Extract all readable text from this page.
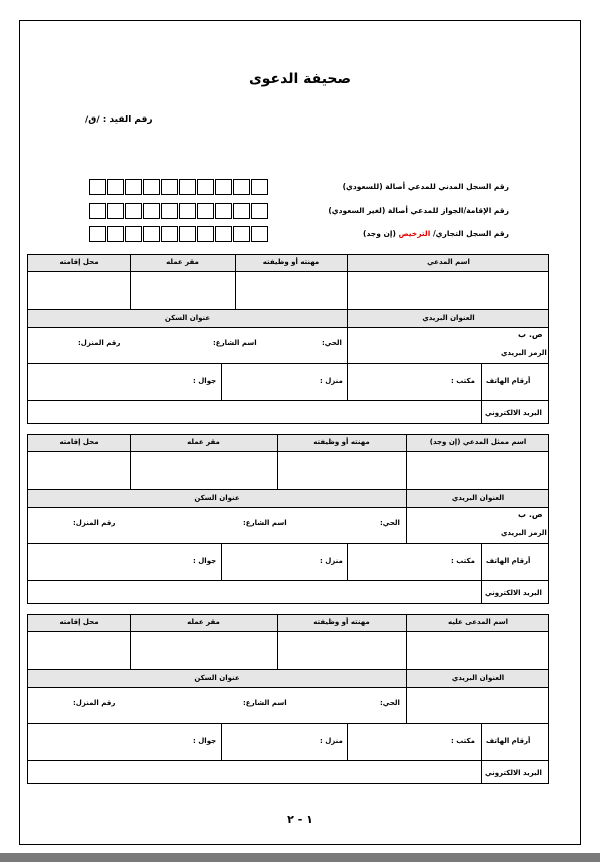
صحيفة الدعوى
رقم القيد : /ق/
رقم السجل المدني للمدعي أصالة (للسعودي)
رقم الإقامة/الجواز للمدعي أصالة (لغير السعودي)
رقم السجل التجاري/ الترخيص (إن وجد)
محل إقامته	مقر عمله	مهنته أو وظيفته	اسم المدعي
عنوان السكن	العنوان البريدي
رقم المنزل:	اسم الشارع:	الحي:
ص. ب
الرمز البريدي
جوال :	منزل :	مكتب : أرقام الهاتف
البريد الالكتروني
محل إقامته	مقر عمله	مهنته أو وظيفته	اسم ممثل المدعي (إن وجد)
عنوان السكن	العنوان البريدي
رقم المنزل:	اسم الشارع:	الحي:
ص. ب
الرمز البريدي
جوال :	منزل :	مكتب : أرقام الهاتف
البريد الالكتروني
محل إقامته	مقر عمله	مهنته أو وظيفته	اسم المدعى عليه
عنوان السكن	العنوان البريدي
رقم المنزل:	اسم الشارع:	الحي:
جوال :	منزل :	مكتب : أرقام الهاتف
البريد الالكتروني
١ - ٢
